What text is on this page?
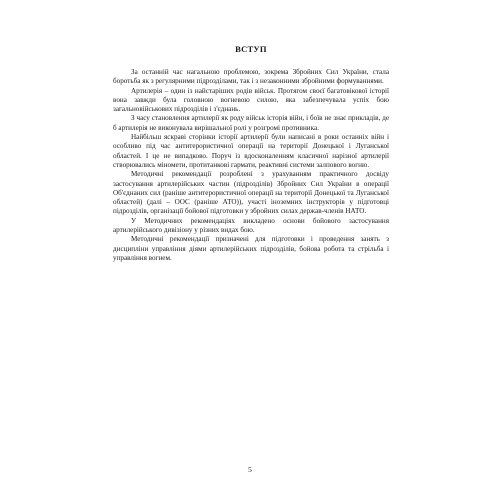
ВСТУП

За останній час нагальною проблемою, зокрема Збройних Сил України, стала боротьба як з регулярними підрозділами, так і з незаконними збройними формуваннями.

Артилерія – один із найстаріших родів військ. Протягом своєї багатовікової історії вона завжди була головною вогневою силою, яка забезпечувала успіх бою загальновійськових підрозділів і з'єднань.

З часу становлення артилерії як роду військ історія війн, і боїв не знає прикладів, де б артилерія не виконувала вирішальної ролі у розгромі противника.

Найбільш яскраві сторінки історії артилерії були написані в роки останніх війн і особливо під час антитерористичної операції на території Донецької і Луганської областей. І це не випадково. Поруч із вдосконаленням класичної нарізної артилерії створювались міномети, протитанкові гармати, реактивні системи залпового вогню.

Методичні рекомендації розроблені з урахуванням практичного досвіду застосування артилерійських частин (підрозділів) Збройних Сил України в операції Об'єднаних сил (раніше антитерористичної операції на території Донецької та Луганської областей) (далі – ООС (раніше АТО)), участі іноземних інструкторів у підготовці підрозділів, організації бойової підготовки у збройних силах держав-членів НАТО.

У Методичних рекомендаціях викладено основи бойового застосування артилерійського дивізіону у різних видах бою.

Методичні рекомендації призначені для підготовки і проведення занять з дисципліни управління діями артилерійських підрозділів, бойова робота та стрільба і управління вогнем.

5
